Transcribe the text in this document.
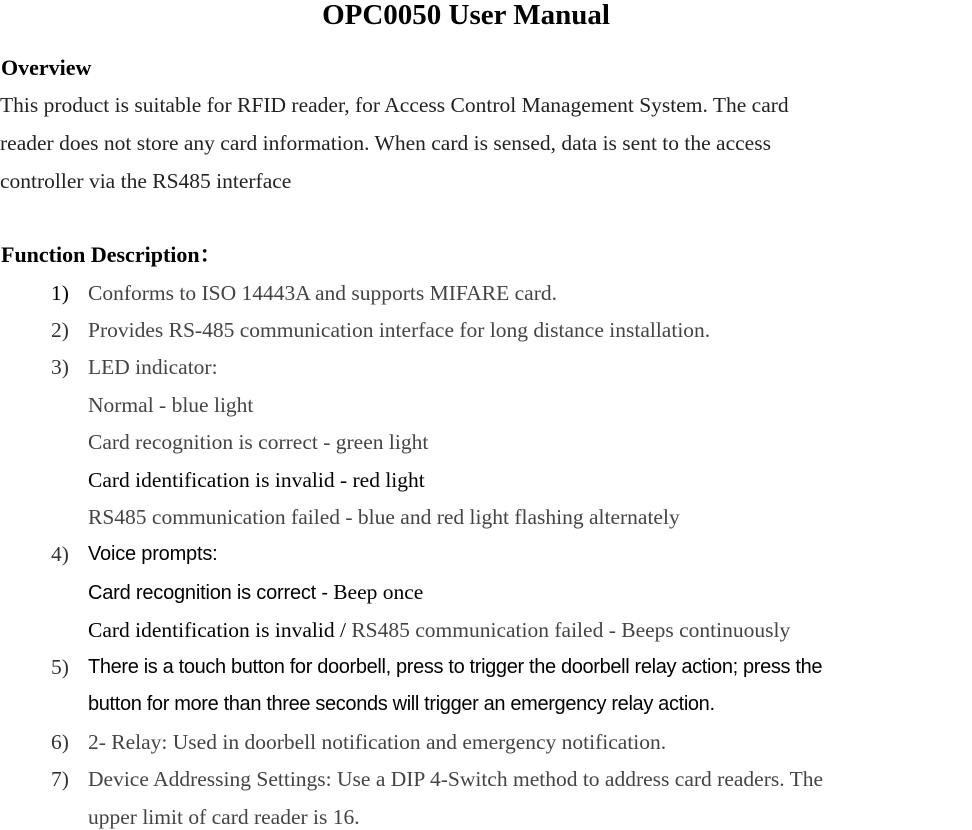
OPC0050 User Manual
Overview
This product is suitable for RFID reader, for Access Control Management System. The card
reader does not store any card information. When card is sensed, data is sent to the access
controller via the RS485 interface
Function Description：
1) Conforms to ISO 14443A and supports MIFARE card.
2) Provides RS-485 communication interface for long distance installation.
3) LED indicator:
Normal - blue light
Card recognition is correct - green light
Card identification is invalid - red light
RS485 communication failed - blue and red light flashing alternately
4) Voice prompts:
Card recognition is correct - Beep once
Card identification is invalid / RS485 communication failed - Beeps continuously
5) There is a touch button for doorbell, press to trigger the doorbell relay action; press the
button for more than three seconds will trigger an emergency relay action.
6) 2- Relay: Used in doorbell notification and emergency notification.
7) Device Addressing Settings: Use a DIP 4-Switch method to address card readers. The
upper limit of card reader is 16.
